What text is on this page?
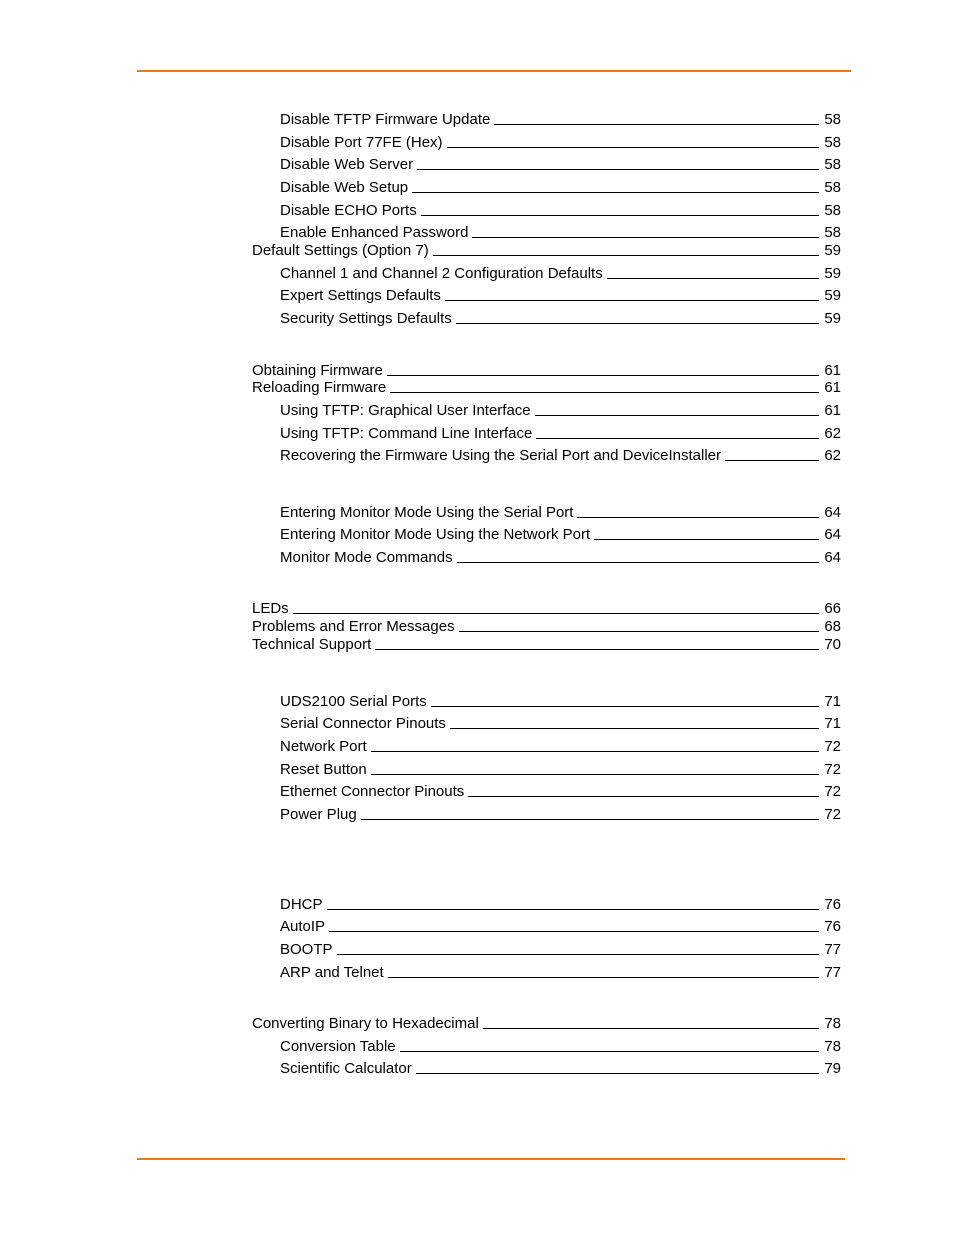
Disable TFTP Firmware Update	58
Disable Port 77FE (Hex)	58
Disable Web Server	58
Disable Web Setup	58
Disable ECHO Ports	58
Enable Enhanced Password	58
Default Settings (Option 7)	59
Channel 1 and Channel 2 Configuration Defaults	59
Expert Settings Defaults	59
Security Settings Defaults	59
Obtaining Firmware	61
Reloading Firmware	61
Using TFTP: Graphical User Interface	61
Using TFTP: Command Line Interface	62
Recovering the Firmware Using the Serial Port and DeviceInstaller	62
Entering Monitor Mode Using the Serial Port	64
Entering Monitor Mode Using the Network Port	64
Monitor Mode Commands	64
LEDs	66
Problems and Error Messages	68
Technical Support	70
UDS2100 Serial Ports	71
Serial Connector Pinouts	71
Network Port	72
Reset Button	72
Ethernet Connector Pinouts	72
Power Plug	72
DHCP	76
AutoIP	76
BOOTP	77
ARP and Telnet	77
Converting Binary to Hexadecimal	78
Conversion Table	78
Scientific Calculator	79
